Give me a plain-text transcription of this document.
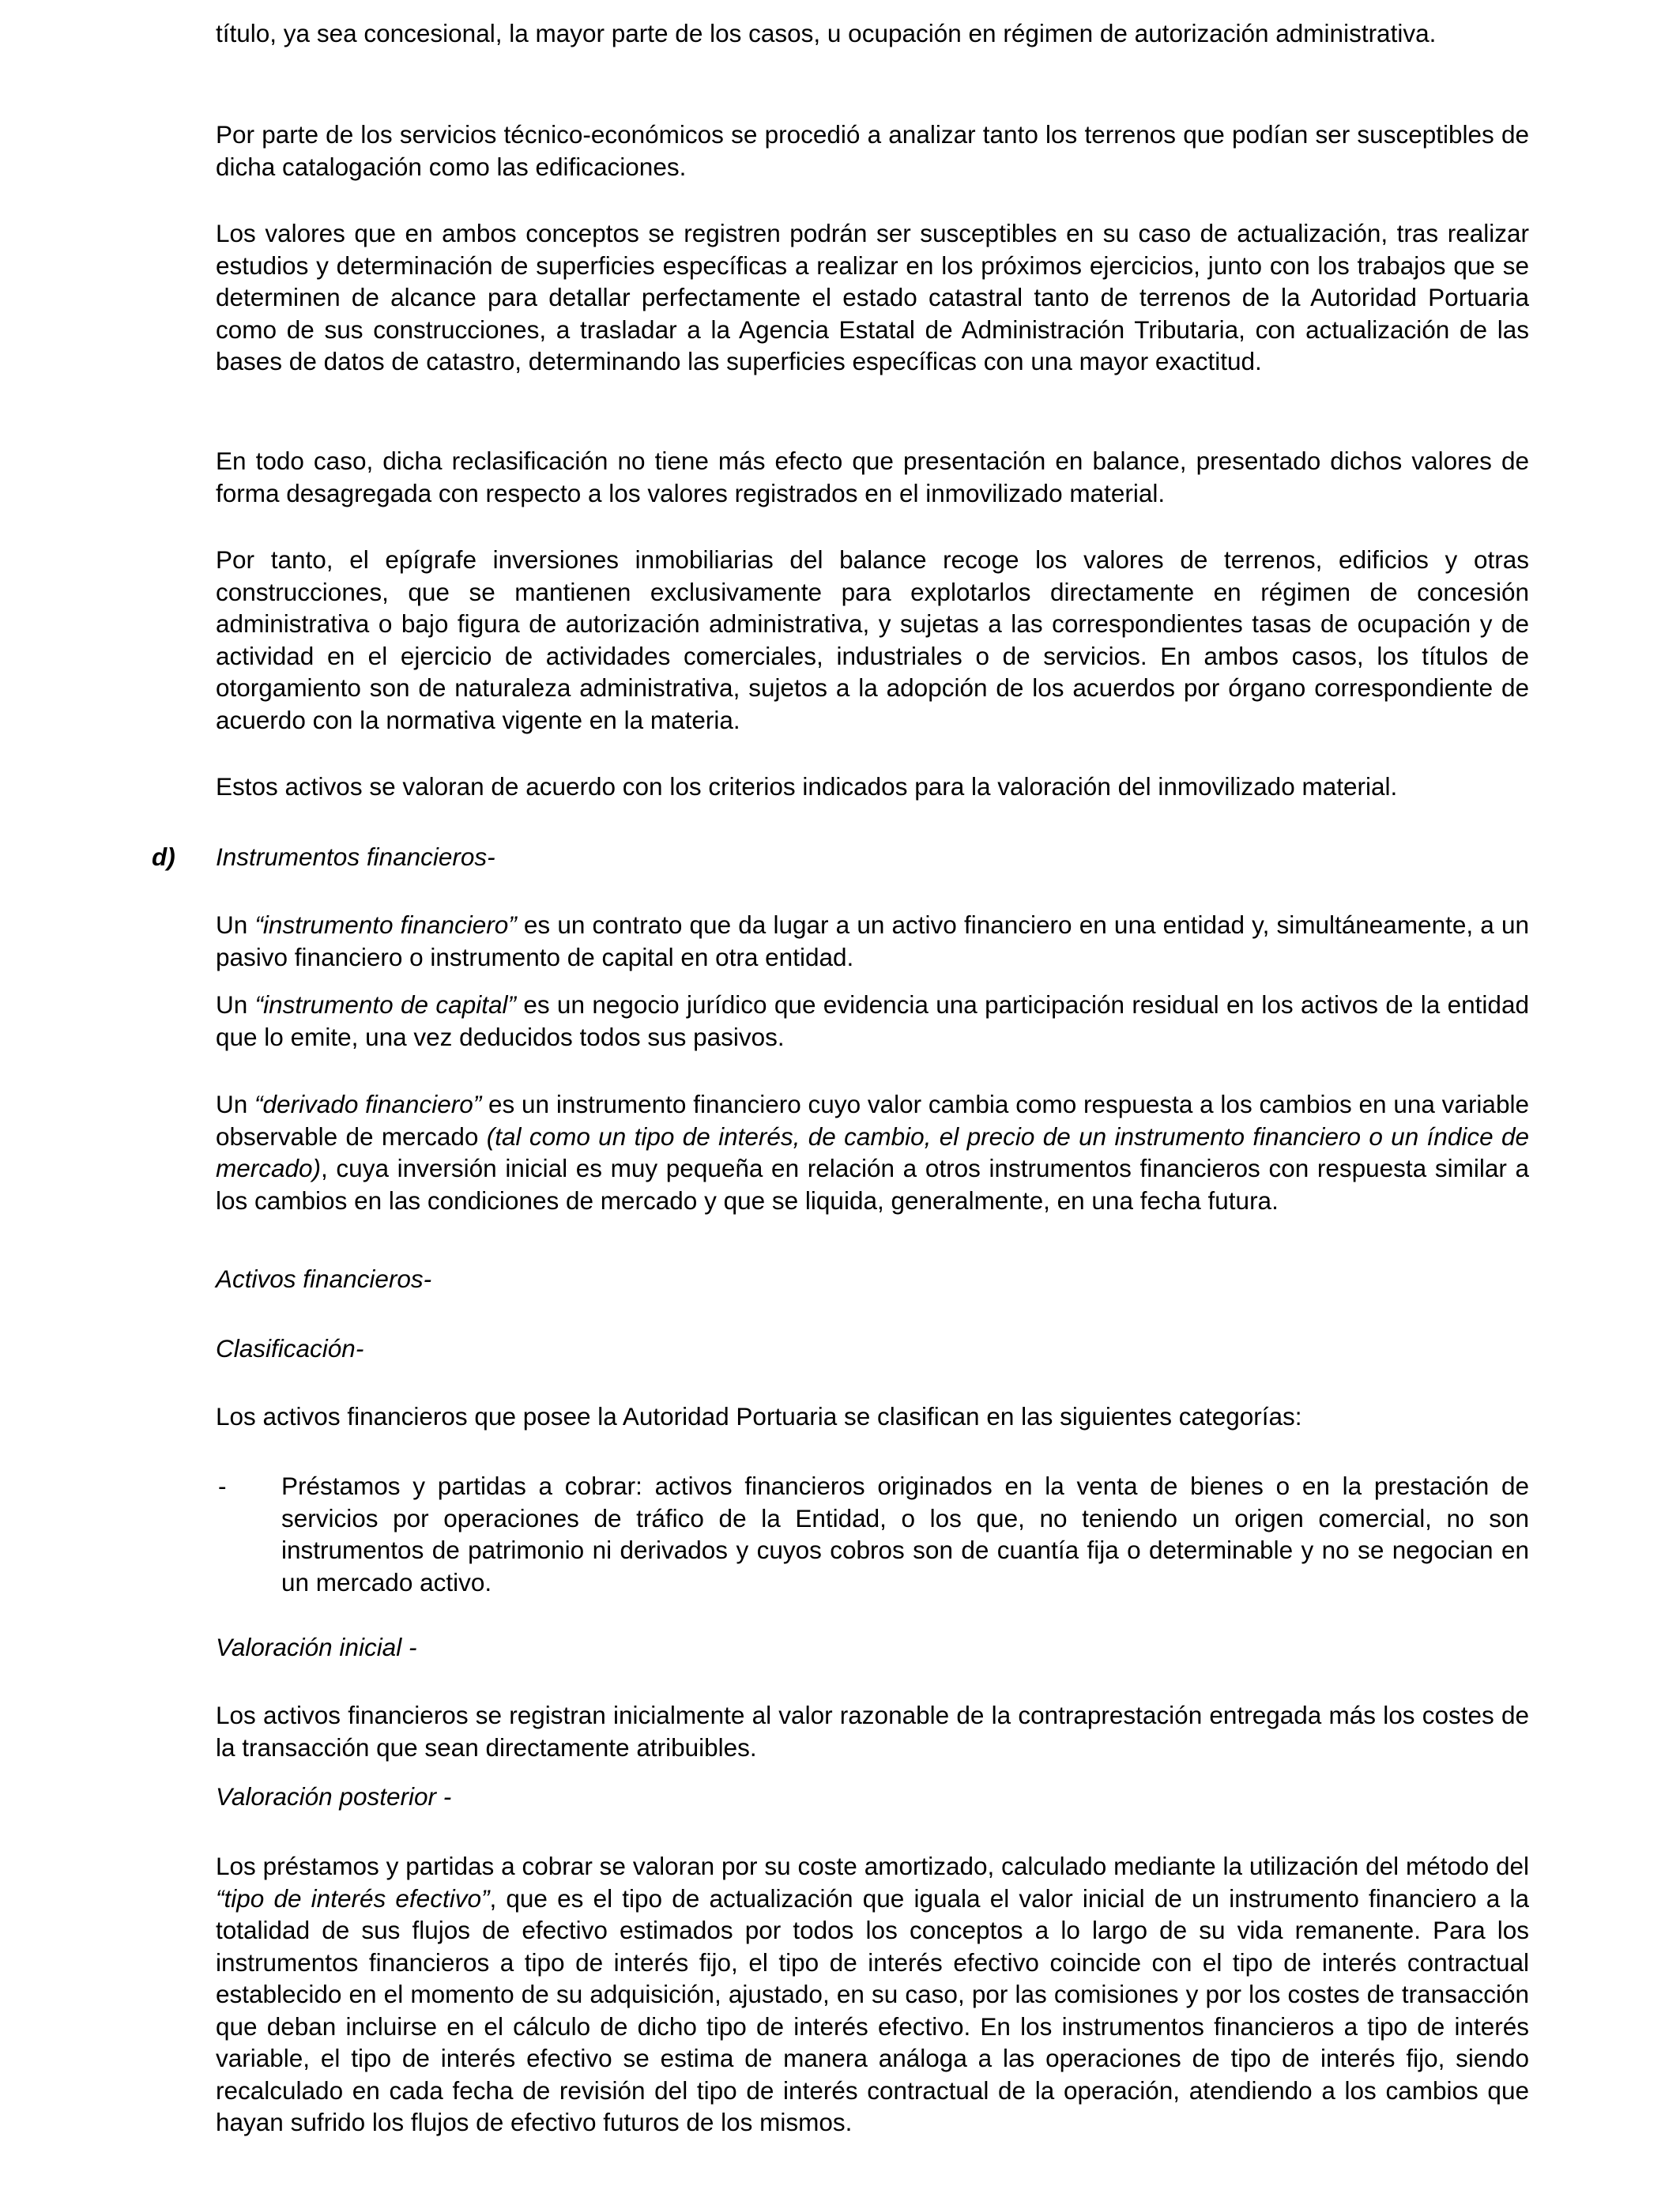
título, ya sea concesional, la mayor parte de los casos, u ocupación en régimen de autorización administrativa.

Por parte de los servicios técnico-económicos se procedió a analizar tanto los terrenos que podían ser susceptibles de dicha catalogación como las edificaciones.

Los valores que en ambos conceptos se registren podrán ser susceptibles en su caso de actualización, tras realizar estudios y determinación de superficies específicas a realizar en los próximos ejercicios, junto con los trabajos que se determinen de alcance para detallar perfectamente el estado catastral tanto de terrenos de la Autoridad Portuaria como de sus construcciones, a trasladar a la Agencia Estatal de Administración Tributaria, con actualización de las bases de datos de catastro, determinando las superficies específicas con una mayor exactitud.

En todo caso, dicha reclasificación no tiene más efecto que presentación en balance, presentado dichos valores de forma desagregada con respecto a los valores registrados en el inmovilizado material.

Por tanto, el epígrafe inversiones inmobiliarias del balance recoge los valores de terrenos, edificios y otras construcciones, que se mantienen exclusivamente para explotarlos directamente en régimen de concesión administrativa o bajo figura de autorización administrativa, y sujetas a las correspondientes tasas de ocupación y de actividad en el ejercicio de actividades comerciales, industriales o de servicios. En ambos casos, los títulos de otorgamiento son de naturaleza administrativa, sujetos a la adopción de los acuerdos por órgano correspondiente de acuerdo con la normativa vigente en la materia.

Estos activos se valoran de acuerdo con los criterios indicados para la valoración del inmovilizado material.

d) Instrumentos financieros-

Un “instrumento financiero” es un contrato que da lugar a un activo financiero en una entidad y, simultáneamente, a un pasivo financiero o instrumento de capital en otra entidad.

Un “instrumento de capital” es un negocio jurídico que evidencia una participación residual en los activos de la entidad que lo emite, una vez deducidos todos sus pasivos.

Un “derivado financiero” es un instrumento financiero cuyo valor cambia como respuesta a los cambios en una variable observable de mercado (tal como un tipo de interés, de cambio, el precio de un instrumento financiero o un índice de mercado), cuya inversión inicial es muy pequeña en relación a otros instrumentos financieros con respuesta similar a los cambios en las condiciones de mercado y que se liquida, generalmente, en una fecha futura.

Activos financieros-

Clasificación-

Los activos financieros que posee la Autoridad Portuaria se clasifican en las siguientes categorías:

- Préstamos y partidas a cobrar: activos financieros originados en la venta de bienes o en la prestación de servicios por operaciones de tráfico de la Entidad, o los que, no teniendo un origen comercial, no son instrumentos de patrimonio ni derivados y cuyos cobros son de cuantía fija o determinable y no se negocian en un mercado activo.

Valoración inicial -

Los activos financieros se registran inicialmente al valor razonable de la contraprestación entregada más los costes de la transacción que sean directamente atribuibles.

Valoración posterior -

Los préstamos y partidas a cobrar se valoran por su coste amortizado, calculado mediante la utilización del método del “tipo de interés efectivo”, que es el tipo de actualización que iguala el valor inicial de un instrumento financiero a la totalidad de sus flujos de efectivo estimados por todos los conceptos a lo largo de su vida remanente. Para los instrumentos financieros a tipo de interés fijo, el tipo de interés efectivo coincide con el tipo de interés contractual establecido en el momento de su adquisición, ajustado, en su caso, por las comisiones y por los costes de transacción que deban incluirse en el cálculo de dicho tipo de interés efectivo. En los instrumentos financieros a tipo de interés variable, el tipo de interés efectivo se estima de manera análoga a las operaciones de tipo de interés fijo, siendo recalculado en cada fecha de revisión del tipo de interés contractual de la operación, atendiendo a los cambios que hayan sufrido los flujos de efectivo futuros de los mismos.
